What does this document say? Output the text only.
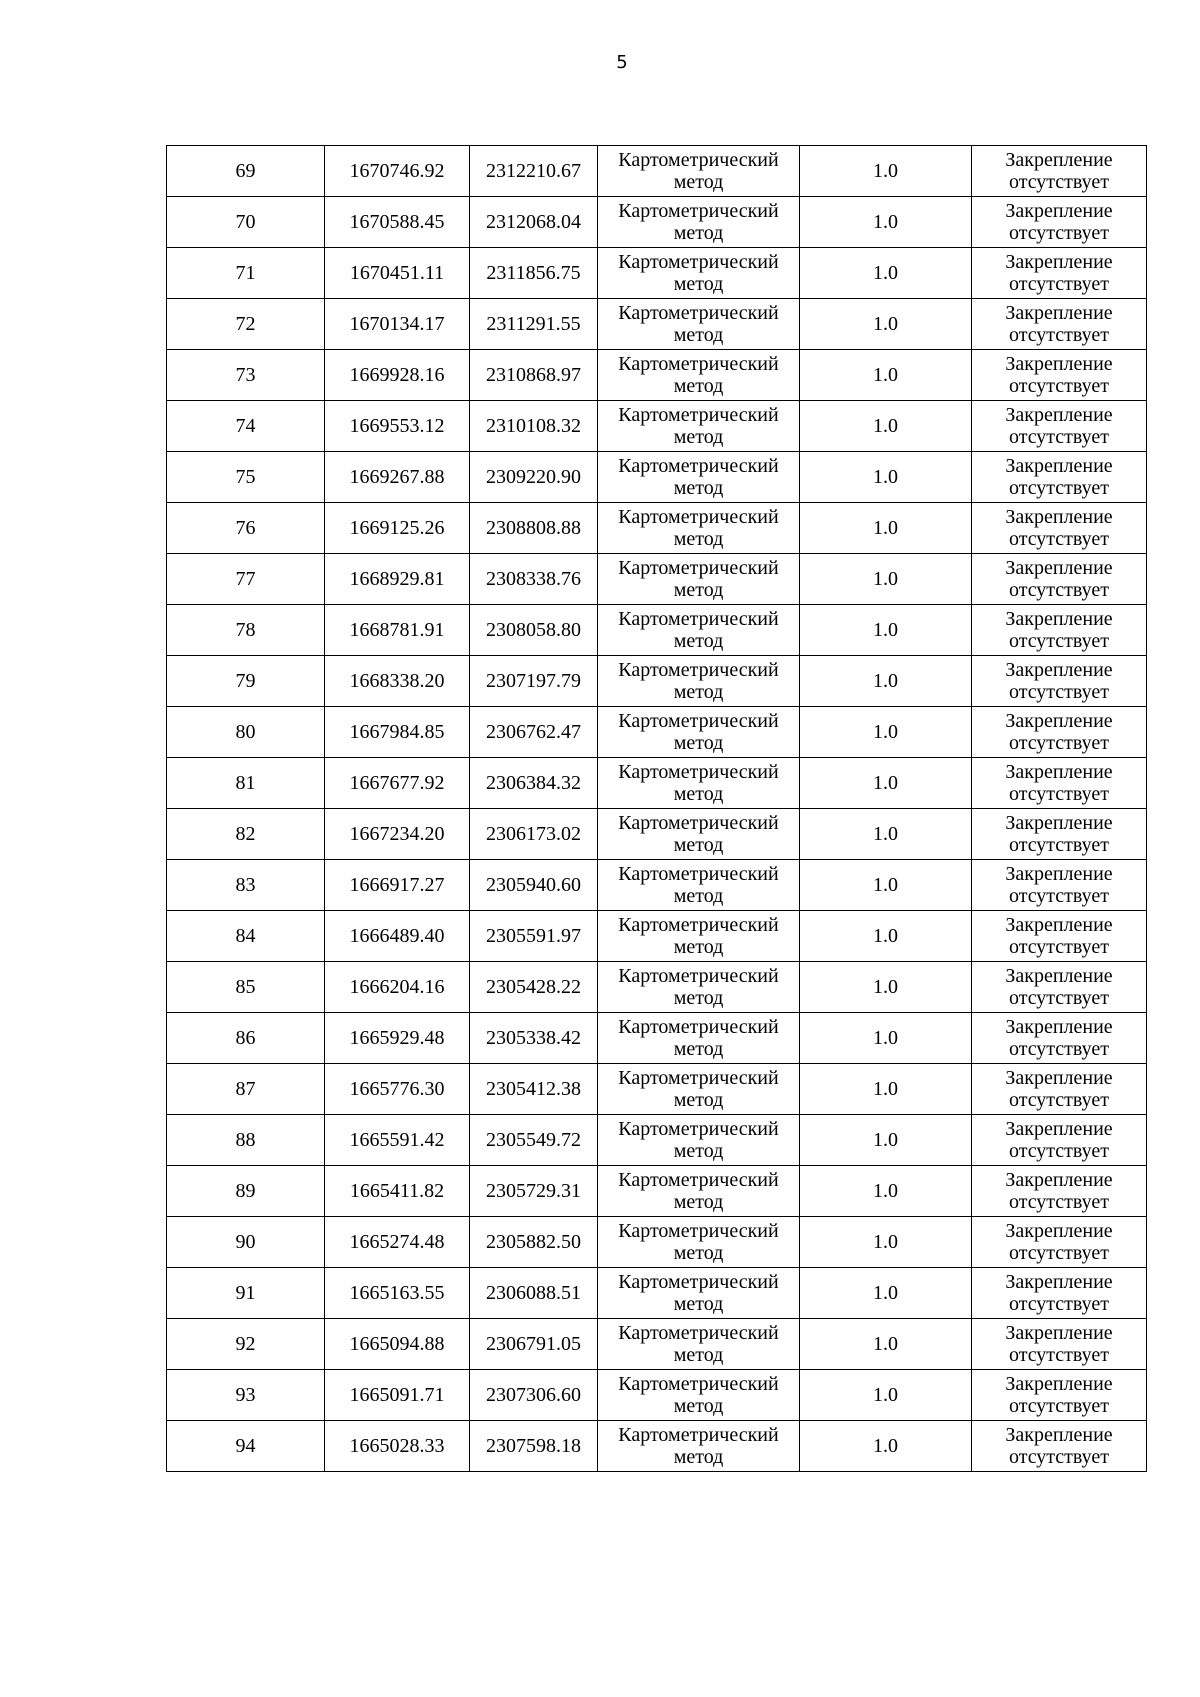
5
69	1670746.92	2312210.67	Картометрический метод	1.0	Закрепление отсутствует
70	1670588.45	2312068.04	Картометрический метод	1.0	Закрепление отсутствует
71	1670451.11	2311856.75	Картометрический метод	1.0	Закрепление отсутствует
72	1670134.17	2311291.55	Картометрический метод	1.0	Закрепление отсутствует
73	1669928.16	2310868.97	Картометрический метод	1.0	Закрепление отсутствует
74	1669553.12	2310108.32	Картометрический метод	1.0	Закрепление отсутствует
75	1669267.88	2309220.90	Картометрический метод	1.0	Закрепление отсутствует
76	1669125.26	2308808.88	Картометрический метод	1.0	Закрепление отсутствует
77	1668929.81	2308338.76	Картометрический метод	1.0	Закрепление отсутствует
78	1668781.91	2308058.80	Картометрический метод	1.0	Закрепление отсутствует
79	1668338.20	2307197.79	Картометрический метод	1.0	Закрепление отсутствует
80	1667984.85	2306762.47	Картометрический метод	1.0	Закрепление отсутствует
81	1667677.92	2306384.32	Картометрический метод	1.0	Закрепление отсутствует
82	1667234.20	2306173.02	Картометрический метод	1.0	Закрепление отсутствует
83	1666917.27	2305940.60	Картометрический метод	1.0	Закрепление отсутствует
84	1666489.40	2305591.97	Картометрический метод	1.0	Закрепление отсутствует
85	1666204.16	2305428.22	Картометрический метод	1.0	Закрепление отсутствует
86	1665929.48	2305338.42	Картометрический метод	1.0	Закрепление отсутствует
87	1665776.30	2305412.38	Картометрический метод	1.0	Закрепление отсутствует
88	1665591.42	2305549.72	Картометрический метод	1.0	Закрепление отсутствует
89	1665411.82	2305729.31	Картометрический метод	1.0	Закрепление отсутствует
90	1665274.48	2305882.50	Картометрический метод	1.0	Закрепление отсутствует
91	1665163.55	2306088.51	Картометрический метод	1.0	Закрепление отсутствует
92	1665094.88	2306791.05	Картометрический метод	1.0	Закрепление отсутствует
93	1665091.71	2307306.60	Картометрический метод	1.0	Закрепление отсутствует
94	1665028.33	2307598.18	Картометрический метод	1.0	Закрепление отсутствует
